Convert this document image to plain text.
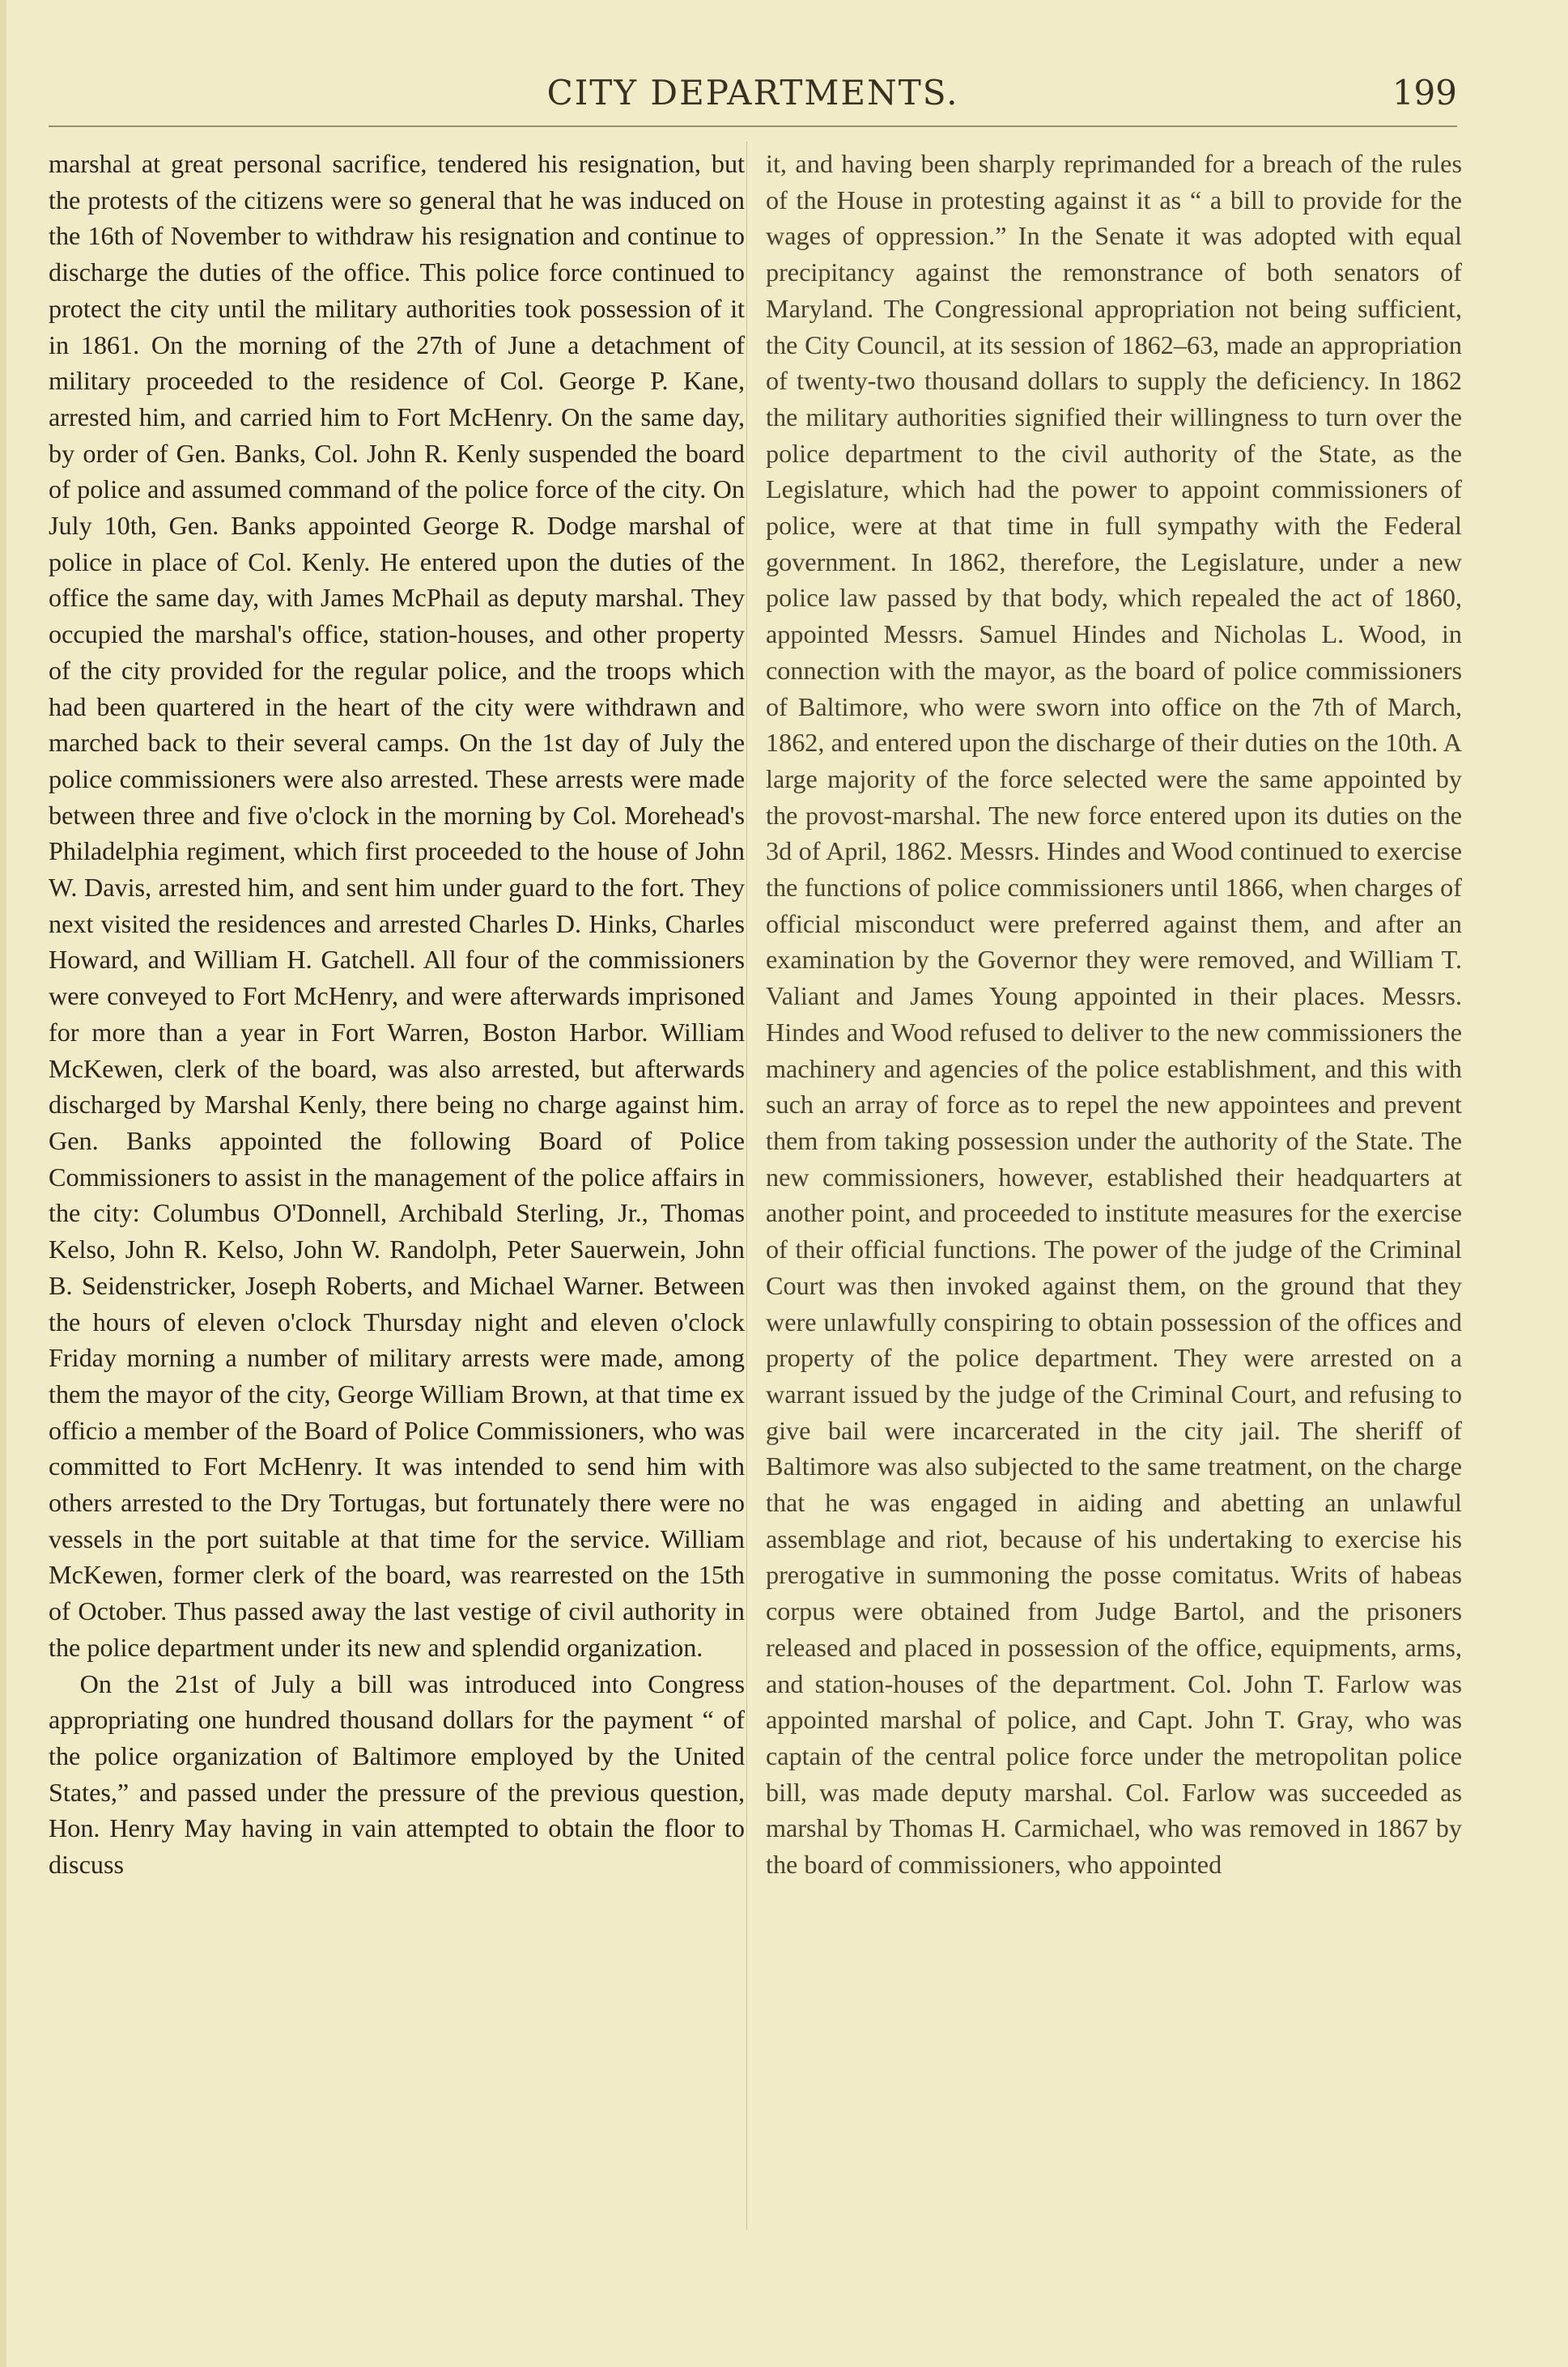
CITY DEPARTMENTS.	199

marshal at great personal sacrifice, tendered his resignation, but the protests of the citizens were so general that he was induced on the 16th of November to withdraw his resignation and continue to discharge the duties of the office. This police force continued to protect the city until the military authorities took possession of it in 1861. On the morning of the 27th of June a detachment of military proceeded to the residence of Col. George P. Kane, arrested him, and carried him to Fort McHenry. On the same day, by order of Gen. Banks, Col. John R. Kenly suspended the board of police and assumed command of the police force of the city. On July 10th, Gen. Banks appointed George R. Dodge marshal of police in place of Col. Kenly. He entered upon the duties of the office the same day, with James McPhail as deputy marshal. They occupied the marshal's office, station-houses, and other property of the city provided for the regular police, and the troops which had been quartered in the heart of the city were withdrawn and marched back to their several camps. On the 1st day of July the police commissioners were also arrested. These arrests were made between three and five o'clock in the morning by Col. Morehead's Philadelphia regiment, which first proceeded to the house of John W. Davis, arrested him, and sent him under guard to the fort. They next visited the residences and arrested Charles D. Hinks, Charles Howard, and William H. Gatchell. All four of the commissioners were conveyed to Fort McHenry, and were afterwards imprisoned for more than a year in Fort Warren, Boston Harbor. William McKewen, clerk of the board, was also arrested, but afterwards discharged by Marshal Kenly, there being no charge against him. Gen. Banks appointed the following Board of Police Commissioners to assist in the management of the police affairs in the city: Columbus O'Donnell, Archibald Sterling, Jr., Thomas Kelso, John R. Kelso, John W. Randolph, Peter Sauerwein, John B. Seidenstricker, Joseph Roberts, and Michael Warner. Between the hours of eleven o'clock Thursday night and eleven o'clock Friday morning a number of military arrests were made, among them the mayor of the city, George William Brown, at that time ex officio a member of the Board of Police Commissioners, who was committed to Fort McHenry. It was intended to send him with others arrested to the Dry Tortugas, but fortunately there were no vessels in the port suitable at that time for the service. William McKewen, former clerk of the board, was rearrested on the 15th of October. Thus passed away the last vestige of civil authority in the police department under its new and splendid organization.

On the 21st of July a bill was introduced into Congress appropriating one hundred thousand dollars for the payment “ of the police organization of Baltimore employed by the United States,” and passed under the pressure of the previous question, Hon. Henry May having in vain attempted to obtain the floor to discuss

it, and having been sharply reprimanded for a breach of the rules of the House in protesting against it as “ a bill to provide for the wages of oppression.” In the Senate it was adopted with equal precipitancy against the remonstrance of both senators of Maryland. The Congressional appropriation not being sufficient, the City Council, at its session of 1862–63, made an appropriation of twenty-two thousand dollars to supply the deficiency. In 1862 the military authorities signified their willingness to turn over the police department to the civil authority of the State, as the Legislature, which had the power to appoint commissioners of police, were at that time in full sympathy with the Federal government. In 1862, therefore, the Legislature, under a new police law passed by that body, which repealed the act of 1860, appointed Messrs. Samuel Hindes and Nicholas L. Wood, in connection with the mayor, as the board of police commissioners of Baltimore, who were sworn into office on the 7th of March, 1862, and entered upon the discharge of their duties on the 10th. A large majority of the force selected were the same appointed by the provost-marshal. The new force entered upon its duties on the 3d of April, 1862. Messrs. Hindes and Wood continued to exercise the functions of police commissioners until 1866, when charges of official misconduct were preferred against them, and after an examination by the Governor they were removed, and William T. Valiant and James Young appointed in their places. Messrs. Hindes and Wood refused to deliver to the new commissioners the machinery and agencies of the police establishment, and this with such an array of force as to repel the new appointees and prevent them from taking possession under the authority of the State. The new commissioners, however, established their headquarters at another point, and proceeded to institute measures for the exercise of their official functions. The power of the judge of the Criminal Court was then invoked against them, on the ground that they were unlawfully conspiring to obtain possession of the offices and property of the police department. They were arrested on a warrant issued by the judge of the Criminal Court, and refusing to give bail were incarcerated in the city jail. The sheriff of Baltimore was also subjected to the same treatment, on the charge that he was engaged in aiding and abetting an unlawful assemblage and riot, because of his undertaking to exercise his prerogative in summoning the posse comitatus. Writs of habeas corpus were obtained from Judge Bartol, and the prisoners released and placed in possession of the office, equipments, arms, and station-houses of the department. Col. John T. Farlow was appointed marshal of police, and Capt. John T. Gray, who was captain of the central police force under the metropolitan police bill, was made deputy marshal. Col. Farlow was succeeded as marshal by Thomas H. Carmichael, who was removed in 1867 by the board of commissioners, who appointed
